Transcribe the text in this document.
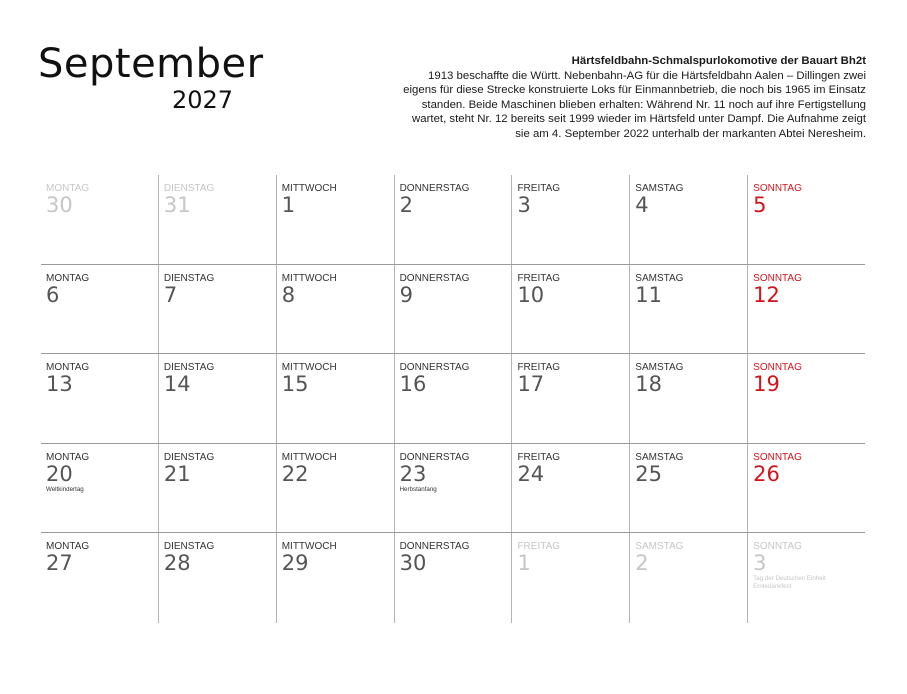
September
2027
Härtsfeldbahn-Schmalspurlokomotive der Bauart Bh2t
1913 beschaffte die Württ. Nebenbahn-AG für die Härtsfeldbahn Aalen – Dillingen zwei
eigens für diese Strecke konstruierte Loks für Einmannbetrieb, die noch bis 1965 im Einsatz
standen. Beide Maschinen blieben erhalten: Während Nr. 11 noch auf ihre Fertigstellung
wartet, steht Nr. 12 bereits seit 1999 wieder im Härtsfeld unter Dampf. Die Aufnahme zeigt
sie am 4. September 2022 unterhalb der markanten Abtei Neresheim.
MONTAG
30
DIENSTAG
31
MITTWOCH
1
DONNERSTAG
2
FREITAG
3
SAMSTAG
4
SONNTAG
5
MONTAG
6
DIENSTAG
7
MITTWOCH
8
DONNERSTAG
9
FREITAG
10
SAMSTAG
11
SONNTAG
12
MONTAG
13
DIENSTAG
14
MITTWOCH
15
DONNERSTAG
16
FREITAG
17
SAMSTAG
18
SONNTAG
19
MONTAG
20
Weltkindertag
DIENSTAG
21
MITTWOCH
22
DONNERSTAG
23
Herbstanfang
FREITAG
24
SAMSTAG
25
SONNTAG
26
MONTAG
27
DIENSTAG
28
MITTWOCH
29
DONNERSTAG
30
FREITAG
1
SAMSTAG
2
SONNTAG
3
Tag der Deutschen Einheit
Erntedankfest
